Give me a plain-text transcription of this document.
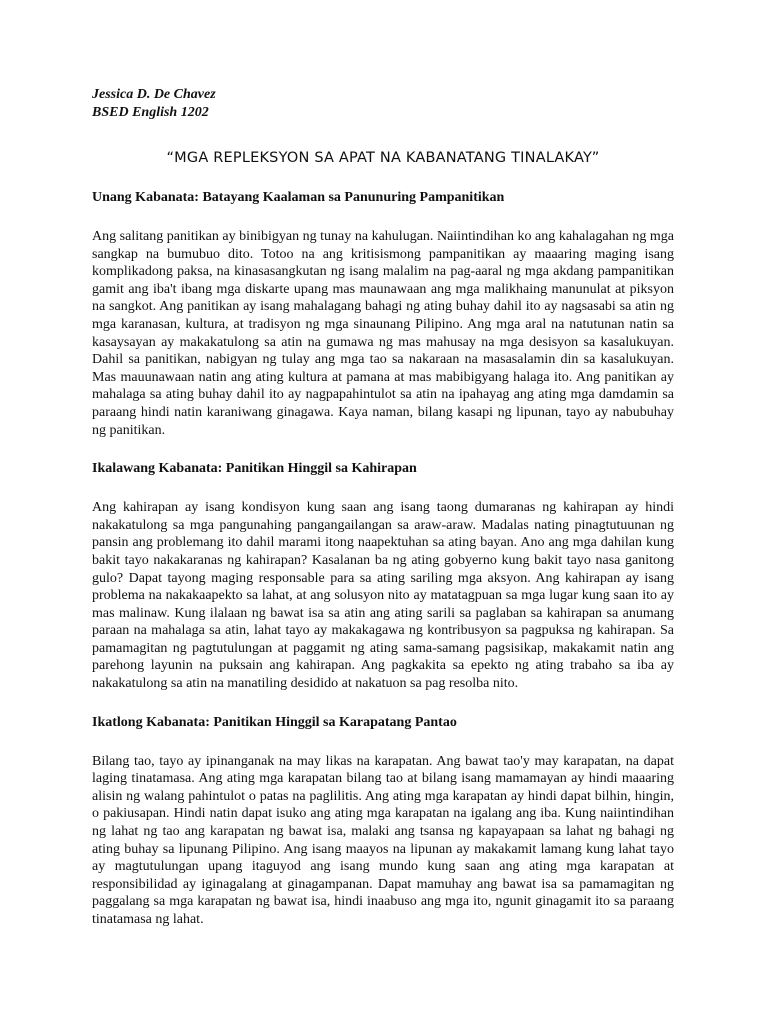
Jessica D. De Chavez
BSED English 1202
“MGA REPLEKSYON SA APAT NA KABANATANG TINALAKAY”
Unang Kabanata: Batayang Kaalaman sa Panunuring Pampanitikan

Ang salitang panitikan ay binibigyan ng tunay na kahulugan. Naiintindihan ko ang kahalagahan ng mga sangkap na bumubuo dito. Totoo na ang kritisismong pampanitikan ay maaaring maging isang komplikadong paksa, na kinasasangkutan ng isang malalim na pag-aaral ng mga akdang pampanitikan gamit ang iba't ibang mga diskarte upang mas maunawaan ang mga malikhaing manunulat at piksyon na sangkot. Ang panitikan ay isang mahalagang bahagi ng ating buhay dahil ito ay nagsasabi sa atin ng mga karanasan, kultura, at tradisyon ng mga sinaunang Pilipino. Ang mga aral na natutunan natin sa kasaysayan ay makakatulong sa atin na gumawa ng mas mahusay na mga desisyon sa kasalukuyan. Dahil sa panitikan, nabigyan ng tulay ang mga tao sa nakaraan na masasalamin din sa kasalukuyan. Mas mauunawaan natin ang ating kultura at pamana at mas mabibigyang halaga ito. Ang panitikan ay mahalaga sa ating buhay dahil ito ay nagpapahintulot sa atin na ipahayag ang ating mga damdamin sa paraang hindi natin karaniwang ginagawa. Kaya naman, bilang kasapi ng lipunan, tayo ay nabubuhay ng panitikan.

Ikalawang Kabanata: Panitikan Hinggil sa Kahirapan

Ang kahirapan ay isang kondisyon kung saan ang isang taong dumaranas ng kahirapan ay hindi nakakatulong sa mga pangunahing pangangailangan sa araw-araw. Madalas nating pinagtutuunan ng pansin ang problemang ito dahil marami itong naapektuhan sa ating bayan. Ano ang mga dahilan kung bakit tayo nakakaranas ng kahirapan? Kasalanan ba ng ating gobyerno kung bakit tayo nasa ganitong gulo? Dapat tayong maging responsable para sa ating sariling mga aksyon. Ang kahirapan ay isang problema na nakakaapekto sa lahat, at ang solusyon nito ay matatagpuan sa mga lugar kung saan ito ay mas malinaw. Kung ilalaan ng bawat isa sa atin ang ating sarili sa paglaban sa kahirapan sa anumang paraan na mahalaga sa atin, lahat tayo ay makakagawa ng kontribusyon sa pagpuksa ng kahirapan. Sa pamamagitan ng pagtutulungan at paggamit ng ating sama-samang pagsisikap, makakamit natin ang parehong layunin na puksain ang kahirapan. Ang pagkakita sa epekto ng ating trabaho sa iba ay nakakatulong sa atin na manatiling desidido at nakatuon sa pag resolba nito.

Ikatlong Kabanata: Panitikan Hinggil sa Karapatang Pantao

Bilang tao, tayo ay ipinanganak na may likas na karapatan. Ang bawat tao'y may karapatan, na dapat laging tinatamasa. Ang ating mga karapatan bilang tao at bilang isang mamamayan ay hindi maaaring alisin ng walang pahintulot o patas na paglilitis. Ang ating mga karapatan ay hindi dapat bilhin, hingin, o pakiusapan. Hindi natin dapat isuko ang ating mga karapatan na igalang ang iba. Kung naiintindihan ng lahat ng tao ang karapatan ng bawat isa, malaki ang tsansa ng kapayapaan sa lahat ng bahagi ng ating buhay sa lipunang Pilipino. Ang isang maayos na lipunan ay makakamit lamang kung lahat tayo ay magtutulungan upang itaguyod ang isang mundo kung saan ang ating mga karapatan at responsibilidad ay iginagalang at ginagampanan. Dapat mamuhay ang bawat isa sa pamamagitan ng paggalang sa mga karapatan ng bawat isa, hindi inaabuso ang mga ito, ngunit ginagamit ito sa paraang tinatamasa ng lahat.
